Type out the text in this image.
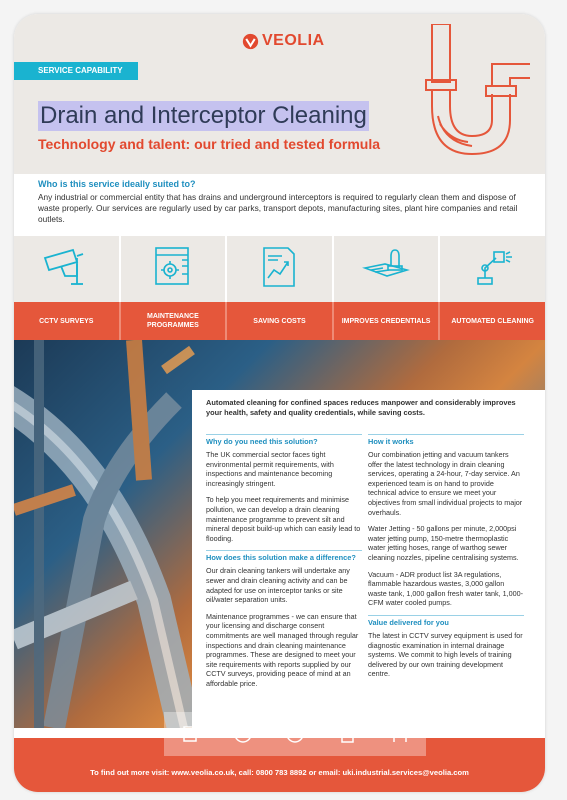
VEOLIA
SERVICE CAPABILITY
Drain and Interceptor Cleaning
Technology and talent: our tried and tested formula
Who is this service ideally suited to?

Any industrial or commercial entity that has drains and underground interceptors is required to regularly clean them and dispose of waste properly. Our services are regularly used by car parks, transport depots, manufacturing sites, plant hire companies and retail outlets.

CCTV SURVEYS
MAINTENANCE PROGRAMMES
SAVING COSTS	IMPROVES CREDENTIALS	AUTOMATED CLEANING

Automated cleaning for confined spaces reduces manpower and considerably improves your health, safety and quality credentials, while saving costs.

Why do you need this solution?

The UK commercial sector faces tight environmental permit requirements, with inspections and maintenance becoming increasingly stringent.

To help you meet requirements and minimise pollution, we can develop a drain cleaning maintenance programme to prevent silt and mineral deposit build-up which can easily lead to flooding.

How does this solution make a difference?

Our drain cleaning tankers will undertake any sewer and drain cleaning activity and can be adapted for use on interceptor tanks or site oil/water separation units.

Maintenance programmes - we can ensure that your licensing and discharge consent commitments are well managed through regular inspections and drain cleaning maintenance programmes. These are designed to meet your site requirements with reports supplied by our CCTV surveys, providing peace of mind at an affordable price.

How it works

Our combination jetting and vacuum tankers offer the latest technology in drain cleaning services, operating a 24-hour, 7-day service. An experienced team is on hand to provide technical advice to ensure we meet your objectives from small individual projects to major overhauls.

Water Jetting - 50 gallons per minute, 2,000psi water jetting pump, 150-metre thermoplastic water jetting hoses, range of warthog sewer cleaning nozzles, pipeline centralising systems.

Vacuum - ADR product list 3A regulations, flammable hazardous wastes, 3,000 gallon waste tank, 1,000 gallon fresh water tank, 1,000-CFM water cooled pumps.

Value delivered for you

The latest in CCTV survey equipment is used for diagnostic examination in internal drainage systems. We commit to high levels of training delivered by our own training development centre.

To find out more visit: www.veolia.co.uk, call: 0800 783 8892 or email: uki.industrial.services@veolia.com
